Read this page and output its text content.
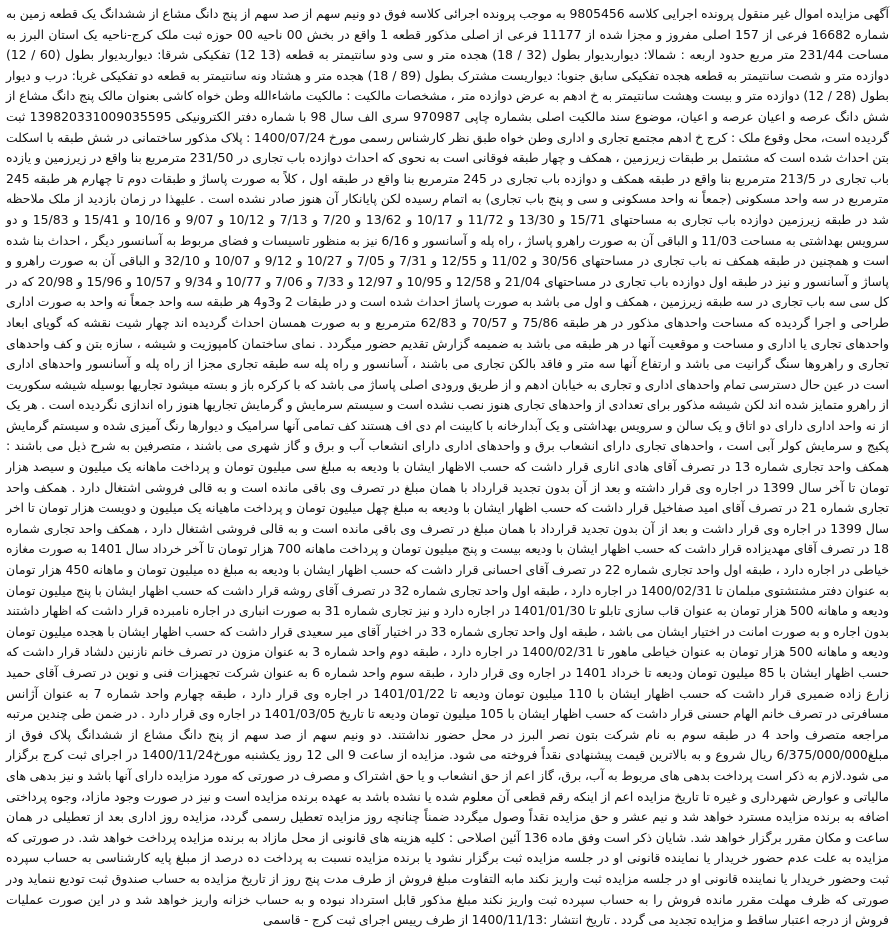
آگهی مزایده اموال غیر منقول پرونده اجرایی کلاسه 9805456 به موجب پرونده اجرائی کلاسه فوق دو ونیم سهم از صد سهم از پنج دانگ مشاع از ششدانگ یک قطعه زمین به شماره 16682 فرعی از 157 اصلی مفروز و مجزا شده از 11177 فرعی از اصلی مذکور قطعه 1 واقع در بخش 00 ناحیه 00 حوزه ثبت ملک کرج-ناحیه یک استان البرز به مساحت 231/44 متر مربع حدود اربعه : شمالا: دیواربدیوار بطول (32 / 18) هجده متر و سی ودو سانتیمتر به قطعه (13 12) تفکیکی شرقا: دیواربدیوار بطول (60 / 12) دوازده متر و شصت سانتیمتر به قطعه هجده تفکیکی سابق جنوبا: دیواریست مشترک بطول (89 / 18) هجده متر و هشتاد ونه سانتیمتر به قطعه دو تفکیکی غربا: درب و دیوار بطول (28 / 12) دوازده متر و بیست وهشت سانتیمتر به خ ادهم به عرض دوازده متر ، مشخصات مالکیت : مالکیت ماشاءالله وطن خواه کاشی بعنوان مالک پنج دانگ مشاع از شش دانگ عرصه و اعیان عرصه و اعیان، موضوع سند مالکیت اصلی بشماره چاپی 970987 سری الف سال 98 با شماره دفتر الکترونیکی 139820331009035595 ثبت گردیده است، محل وقوع ملک : کرج خ ادهم مجتمع تجاری و اداری وطن خواه طبق نظر کارشناس رسمی مورخ 1400/07/24 : پلاک مذکور ساختمانی در شش طبقه با اسکلت بتن احداث شده است که مشتمل بر طبقات زیرزمین ، همکف و چهار طبقه فوقانی است به نحوی که احداث دوازده باب تجاری در 231/50 مترمربع بنا واقع در زیرزمین و یازده باب تجاری در 213/5 مترمربع بنا واقع در طبقه همکف و دوازده باب تجاری در 245 مترمربع بنا واقع در طبقه اول ، کلاً به صورت پاساژ و طبقات دوم تا چهارم هر طبقه 245 مترمربع در سه واحد مسکونی (جمعاً نه واحد مسکونی و سی و پنج باب تجاری) به اتمام رسیده لکن پایانکار آن هنوز صادر نشده است . علیهذا در زمان بازدید از ملک ملاحظه شد در طبقه زیرزمین دوازده باب تجاری به مساحتهای 15/71 و 13/30 و 11/72 و 10/17 و 13/62 و 7/20 و 7/13 و 10/12 و 9/07 و 10/16 و 15/41 و 15/83 و دو سرویس بهداشتی به مساحت 11/03 و الباقی آن به صورت راهرو پاساژ ، راه پله و آسانسور و 6/16 نیز به منظور تاسیسات و فضای مربوط به آسانسور دیگر ، احداث بنا شده است و همچنین در طبقه همکف نه باب تجاری در مساحتهای 30/56 و 11/02 و 12/55 و 7/31 و 7/05 و 10/27 و 9/12 و 10/07 و 32/10 و الباقی آن به صورت راهرو و پاساژ و آسانسور و نیز در طبقه اول دوازده باب تجاری در مساحتهای 21/04 و 12/58 و 10/95 و 12/97 و 7/33 و 7/06 و 10/77 و 9/34 و 10/57 و 15/96 و 20/98 که در کل سی سه باب تجاری در سه طبقه زیرزمین ، همکف و اول می باشد به صورت پاساژ احداث شده است و در طبقات 2 و3و4 هر طبقه سه واحد جمعاً نه واحد به صورت اداری طراحی و اجرا گردیده که مساحت واحدهای مذکور در هر طبقه 75/86 و 70/57 و 62/83 مترمربع و به صورت همسان احداث گردیده اند چهار شیت نقشه که گویای ابعاد واحدهای تجاری یا اداری و مساحت و موقعیت آنها در هر طبقه می باشد به ضمیمه گزارش تقدیم حضور میگردد . نمای ساختمان کامپوزیت و شیشه ، سازه بتن و کف واحدهای تجاری و راهروها سنگ گرانیت می باشد و ارتفاع آنها سه متر و فاقد بالکن تجاری می باشند ، آسانسور و راه پله سه طبقه تجاری مجزا از راه پله و آسانسور واحدهای اداری است در عین حال دسترسی تمام واحدهای اداری و تجاری به خیابان ادهم و از طریق ورودی اصلی پاساژ می باشد که با کرکره باز و بسته میشود تجاریها بوسیله شیشه سکوریت از راهرو متمایز شده اند لکن شیشه مذکور برای تعدادی از واحدهای تجاری هنوز نصب نشده است و سیستم سرمایش و گرمایش تجاریها هنوز راه اندازی نگردیده است . هر یک از نه واحد اداری دارای دو اتاق و یک سالن و سرویس بهداشتی و یک آبدارخانه با کابینت ام دی اف هستند کف تمامی آنها سرامیک و دیوارها رنگ آمیزی شده و سیستم گرمایش پکیج و سرمایش کولر آبی است ، واحدهای تجاری دارای انشعاب برق و واحدهای اداری دارای انشعاب آب و برق و گاز شهری می باشند ، متصرفین به شرح ذیل می باشند : همکف واحد تجاری شماره 13 در تصرف آقای هادی اناری قرار داشت که حسب الاظهار ایشان با ودیعه به مبلغ سی میلیون تومان و پرداخت ماهانه یک میلیون و سیصد هزار تومان تا آخر سال 1399 در اجاره وی قرار داشته و بعد از آن بدون تجدید قرارداد با همان مبلغ در تصرف وی باقی مانده است و به قالی فروشی اشتغال دارد . همکف واحد تجاری شماره 21 در تصرف آقای امید صفاخیل قرار داشت که حسب اظهار ایشان با ودیعه به مبلغ چهل میلیون تومان و پرداخت ماهیانه یک میلیون و دویست هزار تومان تا اخر سال 1399 در اجاره وی قرار داشت و بعد از آن بدون تجدید قرارداد با همان مبلغ در تصرف وی باقی مانده است و به قالی فروشی اشتغال دارد ، همکف واحد تجاری شماره 18 در تصرف آقای مهدیزاده قرار داشت که حسب اظهار ایشان با ودیعه بیست و پنج میلیون تومان و پرداخت ماهانه 700 هزار تومان تا آخر خرداد سال 1401 به صورت مغازه خیاطی در اجاره دارد ، طبقه اول واحد تجاری شماره 22 در تصرف آقای احسانی قرار داشت که حسب اظهار ایشان با ودیعه به مبلغ ده میلیون تومان و ماهانه 450 هزار تومان به عنوان دفتر مشتشتوی مبلمان تا 1400/02/31 در اجاره دارد ، طبقه اول واحد تجاری شماره 32 در تصرف آقای روشه قرار داشت که حسب اظهار ایشان با پنج میلیون تومان ودیعه و ماهانه 500 هزار تومان به عنوان قاب سازی تابلو تا 1401/01/30 در اجاره دارد و نیز تجاری شماره 31 به صورت انباری در اجاره نامبرده قرار داشت که اظهار داشتند بدون اجاره و به صورت امانت در اختیار ایشان می باشد ، طبقه اول واحد تجاری شماره 33 در اختیار آقای میر سعیدی قرار داشت که حسب اظهار ایشان با هجده میلیون تومان ودیعه و ماهانه 500 هزار تومان به عنوان خیاطی ماهور تا 1400/02/31 در اجاره دارد ، طبقه دوم واحد شماره 3 به عنوان مزون در تصرف خانم نازنین دلشاد قرار داشت که حسب اظهار ایشان با 85 میلیون تومان ودیعه تا خرداد 1401 در اجاره وی قرار دارد ، طبقه سوم واحد شماره 6 به عنوان شرکت تجهیزات فنی و نوین در تصرف آقای حمید زارع زاده ضمیری قرار داشت که حسب اظهار ایشان با 110 میلیون تومان ودیعه تا 1401/01/22 در اجاره وی قرار دارد ، طبقه چهارم واحد شماره 7 به عنوان آژانس مسافرتی در تصرف خانم الهام حسنی قرار داشت که حسب اظهار ایشان با 105 میلیون تومان ودیعه تا تاریخ 1401/03/05 در اجاره وی قرار دارد . در ضمن طی چندین مرتبه مراجعه متصرف واحد 4 در طبقه سوم به نام شرکت بتون نصر البرز در محل حضور نداشتند. دو ونیم سهم از صد سهم از پنج دانگ مشاع از ششدانگ پلاک فوق از مبلغ6/375/000/000 ریال شروع و به بالاترین قیمت پیشنهادی نقداً فروخته می شود. مزایده از ساعت 9 الی 12 روز یکشنبه مورخ1400/11/24 در اجرای ثبت کرج برگزار می شود.لازم به ذکر است پرداخت بدهی های مربوط به آب، برق، گاز اعم از حق انشعاب و یا حق اشتراک و مصرف در صورتی که مورد مزایده دارای آنها باشد و نیز بدهی های مالیاتی و عوارض شهرداری و غیره تا تاریخ مزایده اعم از اینکه رقم قطعی آن معلوم شده یا نشده باشد به عهده برنده مزایده است و نیز در صورت وجود مازاد، وجوه پرداختی اضافه به برنده مزایده مسترد خواهد شد و نیم عشر و حق مزایده نقداً وصول میگردد ضمناً چنانچه روز مزایده تعطیل رسمی گردد، مزایده روز اداری بعد از تعطیلی در همان ساعت و مکان مقرر برگزار خواهد شد. شایان ذکر است وفق ماده 136 آئین اصلاحی : کلیه هزینه های قانونی از محل مازاد به برنده مزایده پرداخت خواهد شد. در صورتی که مزایده به علت عدم حضور خریدار یا نماینده قانونی او در جلسه مزایده ثبت برگزار نشود یا برنده مزایده نسبت به پرداخت ده درصد از مبلغ پایه کارشناسی به حساب سپرده ثبت وحضور خریدار یا نماینده قانونی او در جلسه مزایده ثبت واریز نکند مابه التفاوت مبلغ فروش از طرف مدت پنج روز از تاریخ مزایده به حساب صندوق ثبت تودیع ننماید ودر صورتی که ظرف مهلت مقرر مانده فروش را به حساب سپرده ثبت واریز نکند مبلغ مذکور قابل استرداد نبوده و به حساب خزانه واریز خواهد شد و در این صورت عملیات فروش از درجه اعتبار ساقط و مزایده تجدید می گردد . تاریخ انتشار :1400/11/13 از طرف رییس اجرای ثبت کرج - قاسمی
